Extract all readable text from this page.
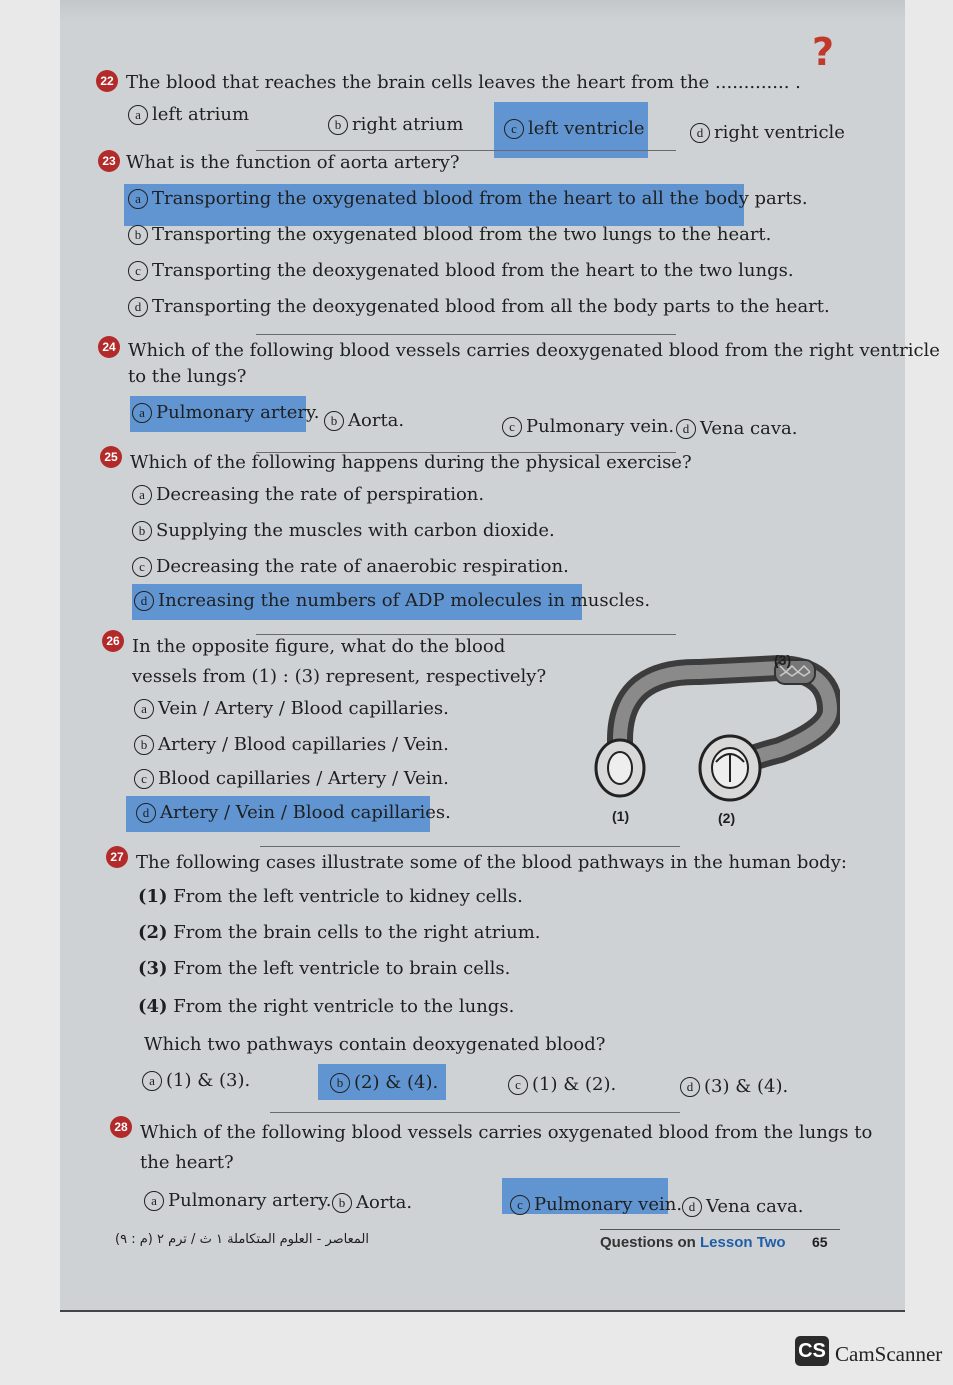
?
22 The blood that reaches the brain cells leaves the heart from the ............. .
a left atrium	b right atrium	c left ventricle	d right ventricle
23 What is the function of aorta artery?
a Transporting the oxygenated blood from the heart to all the body parts.
b Transporting the oxygenated blood from the two lungs to the heart.
c Transporting the deoxygenated blood from the heart to the two lungs.
d Transporting the deoxygenated blood from all the body parts to the heart.
24 Which of the following blood vessels carries deoxygenated blood from the right ventricle
to the lungs?
a Pulmonary artery. b Aorta.	c Pulmonary vein. d Vena cava.
25 Which of the following happens during the physical exercise?
a Decreasing the rate of perspiration.
b Supplying the muscles with carbon dioxide.
c Decreasing the rate of anaerobic respiration.
d Increasing the numbers of ADP molecules in muscles.
26 In the opposite figure, what do the blood
vessels from (1) : (3) represent, respectively?
a Vein / Artery / Blood capillaries.
b Artery / Blood capillaries / Vein.
c Blood capillaries / Artery / Vein.
d Artery / Vein / Blood capillaries.	(1)	(2)
(3)
27 The following cases illustrate some of the blood pathways in the human body:
(1) From the left ventricle to kidney cells.
(2) From the brain cells to the right atrium.
(3) From the left ventricle to brain cells.
(4) From the right ventricle to the lungs.
Which two pathways contain deoxygenated blood?
a (1) & (3).	b (2) & (4).	c (1) & (2).	d (3) & (4).
28 Which of the following blood vessels carries oxygenated blood from the lungs to
the heart?
a Pulmonary artery. b Aorta.	c Pulmonary vein. d Vena cava.
المعاصر - العلوم المتكاملة ١ ث / ترم ٢ (م : ٩)	Questions on Lesson Two 65
CS CamScanner
